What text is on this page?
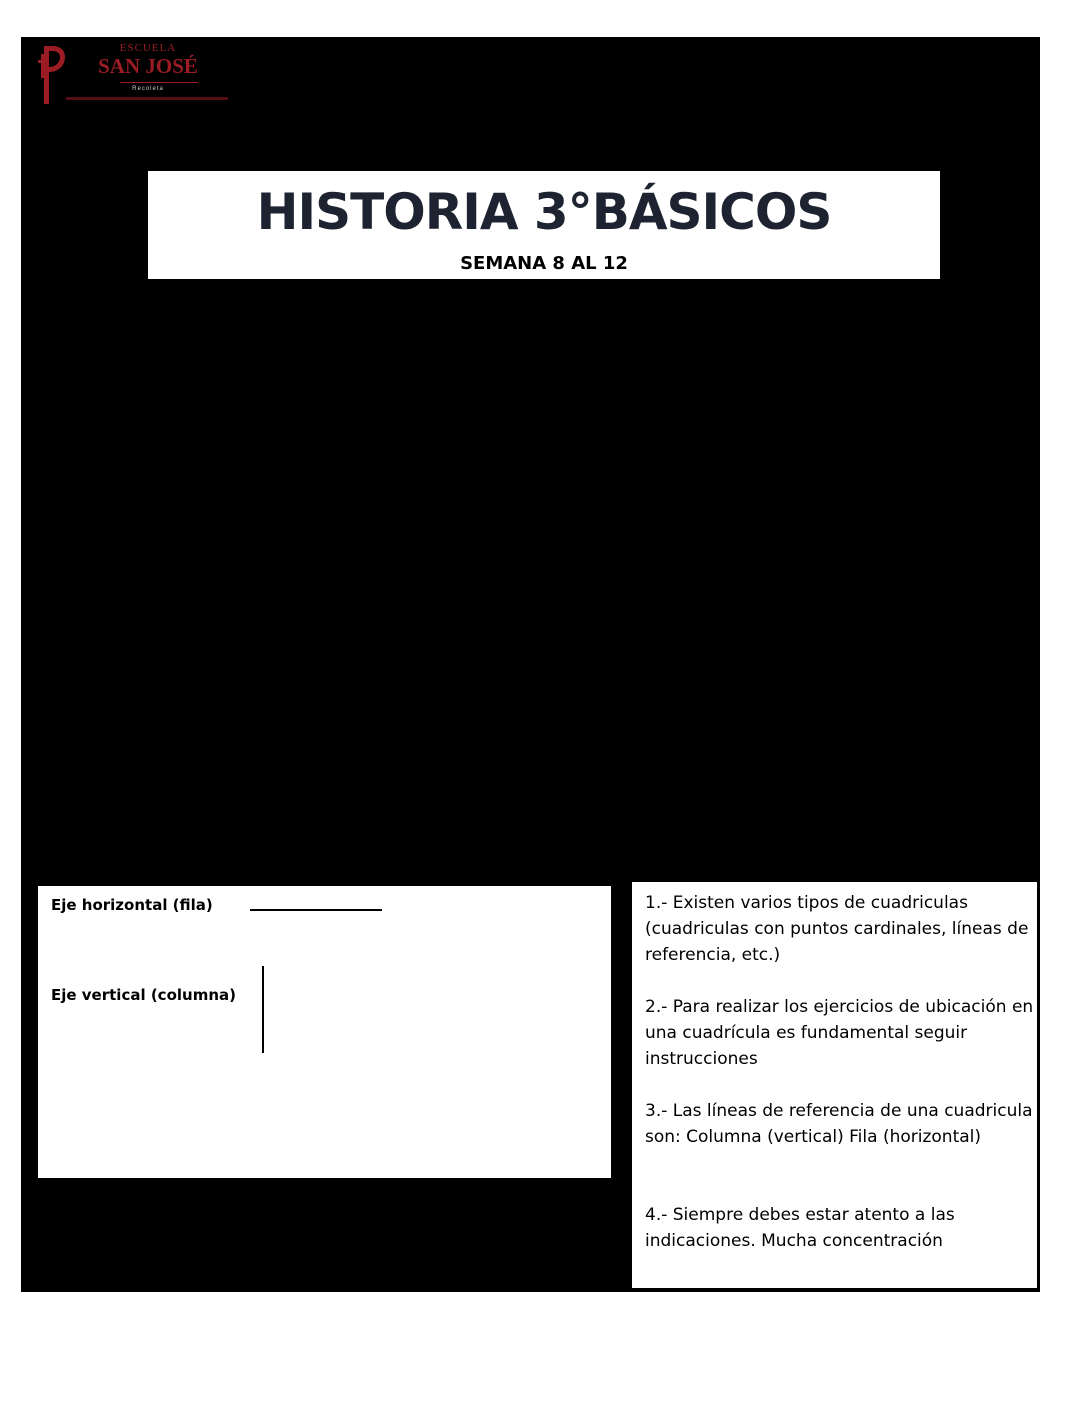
ESCUELA
SAN JOSÉ
Recoleta
HISTORIA 3°BÁSICOS
SEMANA 8 AL 12
Eje horizontal (fila)
Eje vertical (columna)

1.- Existen varios tipos de cuadriculas (cuadriculas con puntos cardinales, líneas de referencia, etc.)

2.- Para realizar los ejercicios de ubicación en una cuadrícula es fundamental seguir instrucciones

3.- Las líneas de referencia de una cuadricula son: Columna (vertical) Fila (horizontal)

4.- Siempre debes estar atento a las indicaciones. Mucha concentración
